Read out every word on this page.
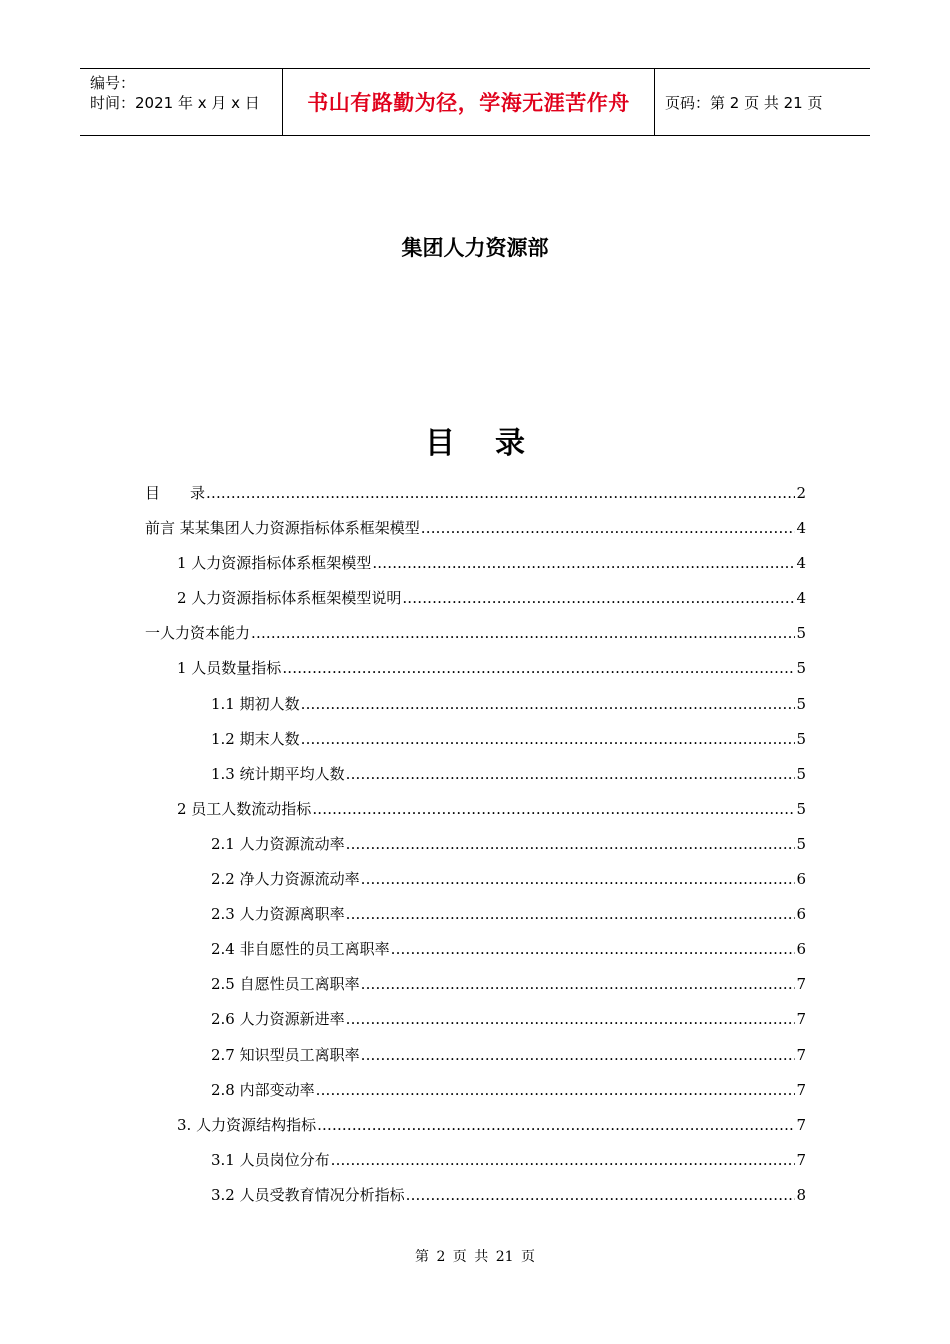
编号：
时间：2021 年 x 月 x 日	书山有路勤为径，学海无涯苦作舟	页码：第 2 页 共 21 页
集团人力资源部
目录
目　　录 .....	2
前言 某某集团人力资源指标体系框架模型 .....	4
1 人力资源指标体系框架模型 .....	4
2 人力资源指标体系框架模型说明 .....	4
一人力资本能力 .....	5
1 人员数量指标 .....	5
1.1 期初人数 .....	5
1.2 期末人数 .....	5
1.3 统计期平均人数 .....	5
2 员工人数流动指标 .....	5
2.1 人力资源流动率 .....	5
2.2 净人力资源流动率 .....	6
2.3 人力资源离职率 .....	6
2.4 非自愿性的员工离职率 .....	6
2.5 自愿性员工离职率 .....	7
2.6 人力资源新进率 .....	7
2.7 知识型员工离职率 .....	7
2.8 内部变动率 .....	7
3. 人力资源结构指标 .....	7
3.1 人员岗位分布 .....	7
3.2 人员受教育情况分析指标 .....	8
第 2 页 共 21 页
